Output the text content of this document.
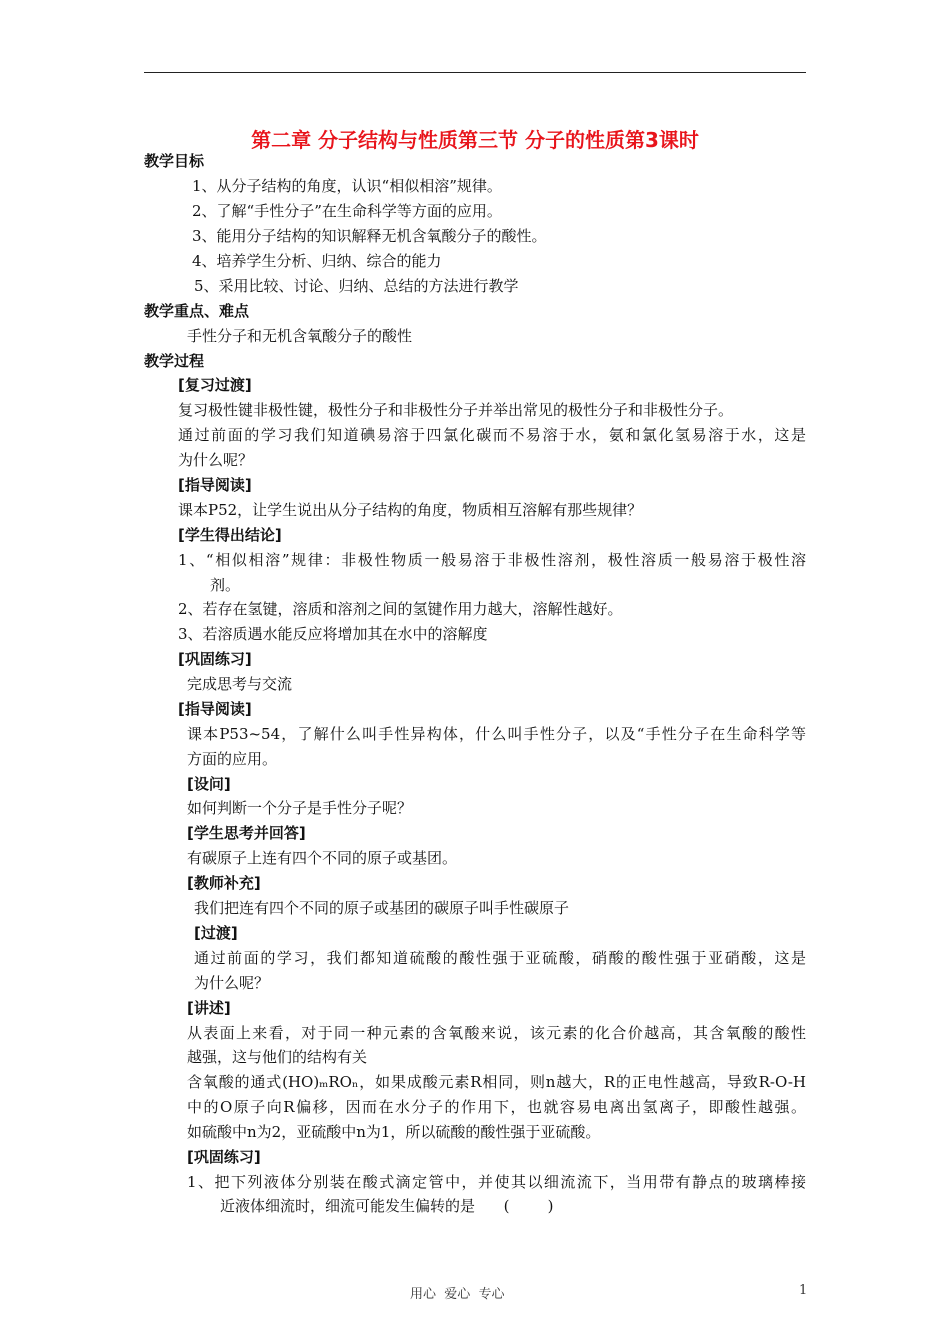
第二章 分子结构与性质第三节 分子的性质第3课时
教学目标
1、从分子结构的角度，认识“相似相溶”规律。
2、了解“手性分子”在生命科学等方面的应用。
3、能用分子结构的知识解释无机含氧酸分子的酸性。
4、培养学生分析、归纳、综合的能力
5、采用比较、讨论、归纳、总结的方法进行教学
教学重点、难点
手性分子和无机含氧酸分子的酸性
教学过程
[复习过渡]
复习极性键非极性键，极性分子和非极性分子并举出常见的极性分子和非极性分子。
通过前面的学习我们知道碘易溶于四氯化碳而不易溶于水，氨和氯化氢易溶于水，这是
为什么呢？
[指导阅读]
课本P52，让学生说出从分子结构的角度，物质相互溶解有那些规律？
[学生得出结论]
1、“相似相溶”规律：非极性物质一般易溶于非极性溶剂，极性溶质一般易溶于极性溶
剂。
2、若存在氢键，溶质和溶剂之间的氢键作用力越大，溶解性越好。
3、若溶质遇水能反应将增加其在水中的溶解度
[巩固练习]
完成思考与交流
[指导阅读]
课本P53~54，了解什么叫手性异构体，什么叫手性分子，以及“手性分子在生命科学等
方面的应用。
[设问]
如何判断一个分子是手性分子呢？
[学生思考并回答]
有碳原子上连有四个不同的原子或基团。
[教师补充]
我们把连有四个不同的原子或基团的碳原子叫手性碳原子
[过渡]
通过前面的学习，我们都知道硫酸的酸性强于亚硫酸，硝酸的酸性强于亚硝酸，这是
为什么呢？
[讲述]
从表面上来看，对于同一种元素的含氧酸来说，该元素的化合价越高，其含氧酸的酸性
越强，这与他们的结构有关
含氧酸的通式(HO)ₘROₙ，如果成酸元素R相同，则n越大，R的正电性越高，导致R-O-H
中的O原子向R偏移，因而在水分子的作用下，也就容易电离出氢离子，即酸性越强。
如硫酸中n为2，亚硫酸中n为1，所以硫酸的酸性强于亚硫酸。
[巩固练习]
1、把下列液体分别装在酸式滴定管中，并使其以细流流下，当用带有静点的玻璃棒接
近液体细流时，细流可能发生偏转的是      (        )
用心  爱心  专心	1
